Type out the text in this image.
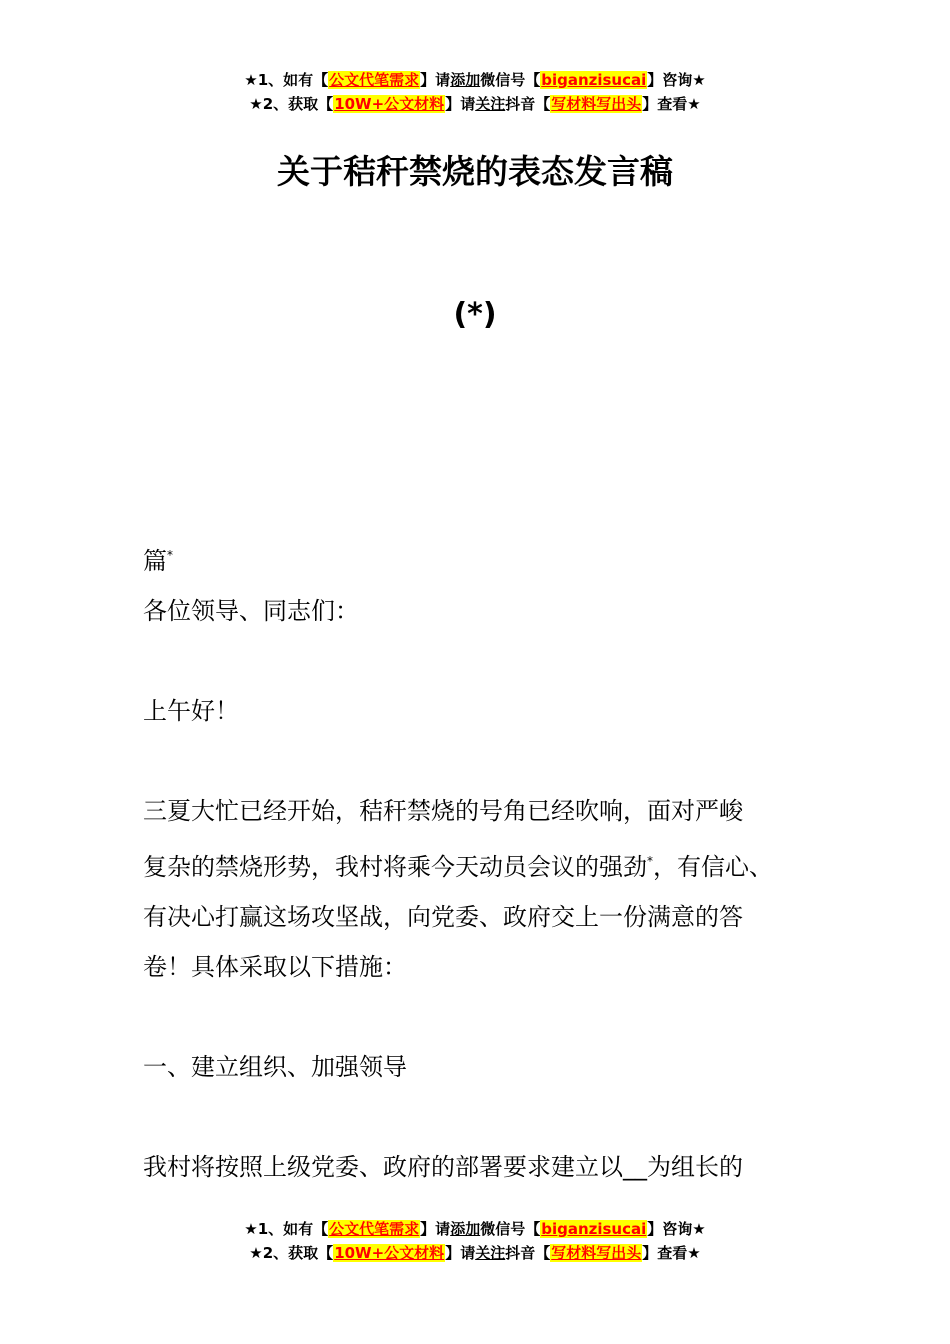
★1、如有【公文代笔需求】请添加微信号【biganzisucai】咨询★
★2、获取【10W+公文材料】请关注抖音【写材料写出头】查看★
关于秸秆禁烧的表态发言稿
(*)

篇*

各位领导、同志们：

上午好！

三夏大忙已经开始，秸秆禁烧的号角已经吹响，面对严峻

复杂的禁烧形势，我村将乘今天动员会议的强劲*，有信心、

有决心打赢这场攻坚战，向党委、政府交上一份满意的答

卷！具体采取以下措施：

一、建立组织、加强领导

我村将按照上级党委、政府的部署要求建立以__为组长的

★1、如有【公文代笔需求】请添加微信号【biganzisucai】咨询★
★2、获取【10W+公文材料】请关注抖音【写材料写出头】查看★
